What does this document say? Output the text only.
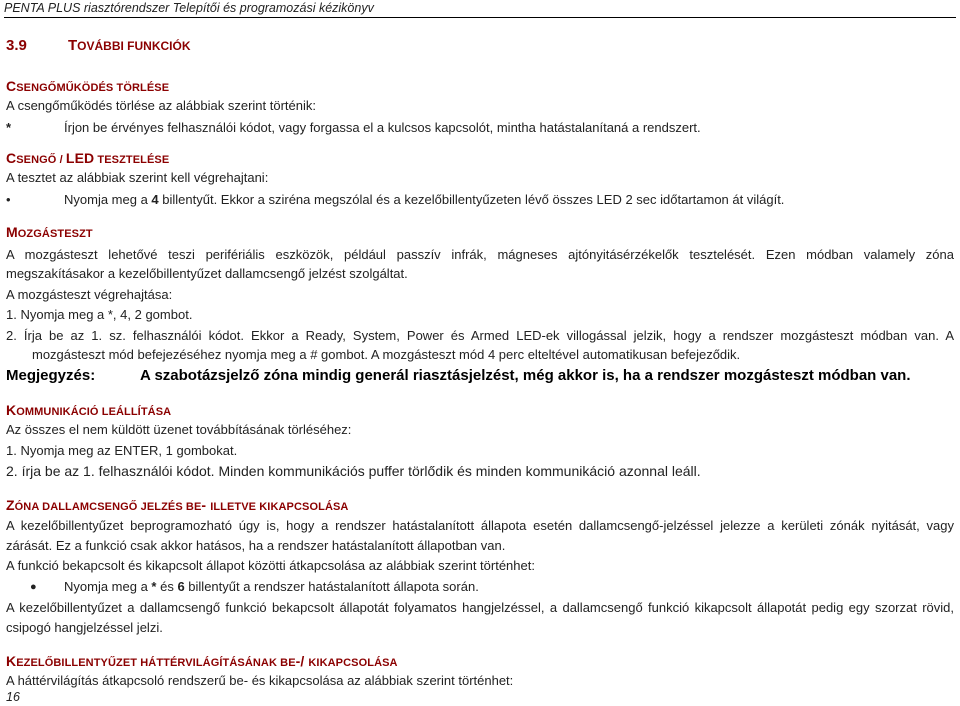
PENTA PLUS riasztórendszer Telepítői és programozási kézikönyv
3.9	TOVÁBBI FUNKCIÓK
CSENGŐMŰKÖDÉS TÖRLÉSE
A csengőműködés törlése az alábbiak szerint történik:
*	Írjon be érvényes felhasználói kódot, vagy forgassa el a kulcsos kapcsolót, mintha hatástalanítaná a rendszert.
CSENGŐ / LED TESZTELÉSE
A tesztet az alábbiak szerint kell végrehajtani:
•	Nyomja meg a 4 billentyűt. Ekkor a sziréna megszólal és a kezelőbillentyűzeten lévő összes LED 2 sec időtartamon át világít.
MOZGÁSTESZT
A mozgásteszt lehetővé teszi perifériális eszközök, például passzív infrák, mágneses ajtónyitásérzékelők tesztelését. Ezen módban valamely zóna
megszakításakor a kezelőbillentyűzet dallamcsengő jelzést szolgáltat.
A mozgásteszt végrehajtása:
1. Nyomja meg a *, 4, 2 gombot.
2. Írja be az 1. sz. felhasználói kódot. Ekkor a Ready, System, Power és Armed LED-ek villogással jelzik, hogy a rendszer mozgásteszt módban van. A
mozgásteszt mód befejezéséhez nyomja meg a # gombot. A mozgásteszt mód 4 perc elteltével automatikusan befejeződik.
Megjegyzés:	A szabotázsjelző zóna mindig generál riasztásjelzést, még akkor is, ha a rendszer mozgásteszt módban van.
KOMMUNIKÁCIÓ LEÁLLÍTÁSA
Az összes el nem küldött üzenet továbbításának törléséhez:
1. Nyomja meg az ENTER, 1 gombokat.
2. írja be az 1. felhasználói kódot. Minden kommunikációs puffer törlődik és minden kommunikáció azonnal leáll.
ZÓNA DALLAMCSENGŐ JELZÉS BE- ILLETVE KIKAPCSOLÁSA
A kezelőbillentyűzet beprogramozható úgy is, hogy a rendszer hatástalanított állapota esetén dallamcsengő-jelzéssel jelezze a kerületi zónák nyitását, vagy
zárását. Ez a funkció csak akkor hatásos, ha a rendszer hatástalanított állapotban van.
A funkció bekapcsolt és kikapcsolt állapot közötti átkapcsolása az alábbiak szerint történhet:
● Nyomja meg a * és 6 billentyűt a rendszer hatástalanított állapota során.
A kezelőbillentyűzet a dallamcsengő funkció bekapcsolt állapotát folyamatos hangjelzéssel, a dallamcsengő funkció kikapcsolt állapotát pedig egy szorzat rövid,
csipogó hangjelzéssel jelzi.
KEZELŐBILLENTYŰZET HÁTTÉRVILÁGÍTÁSÁNAK BE-/ KIKAPCSOLÁSA
A háttérvilágítás átkapcsoló rendszerű be- és kikapcsolása az alábbiak szerint történhet:
16
